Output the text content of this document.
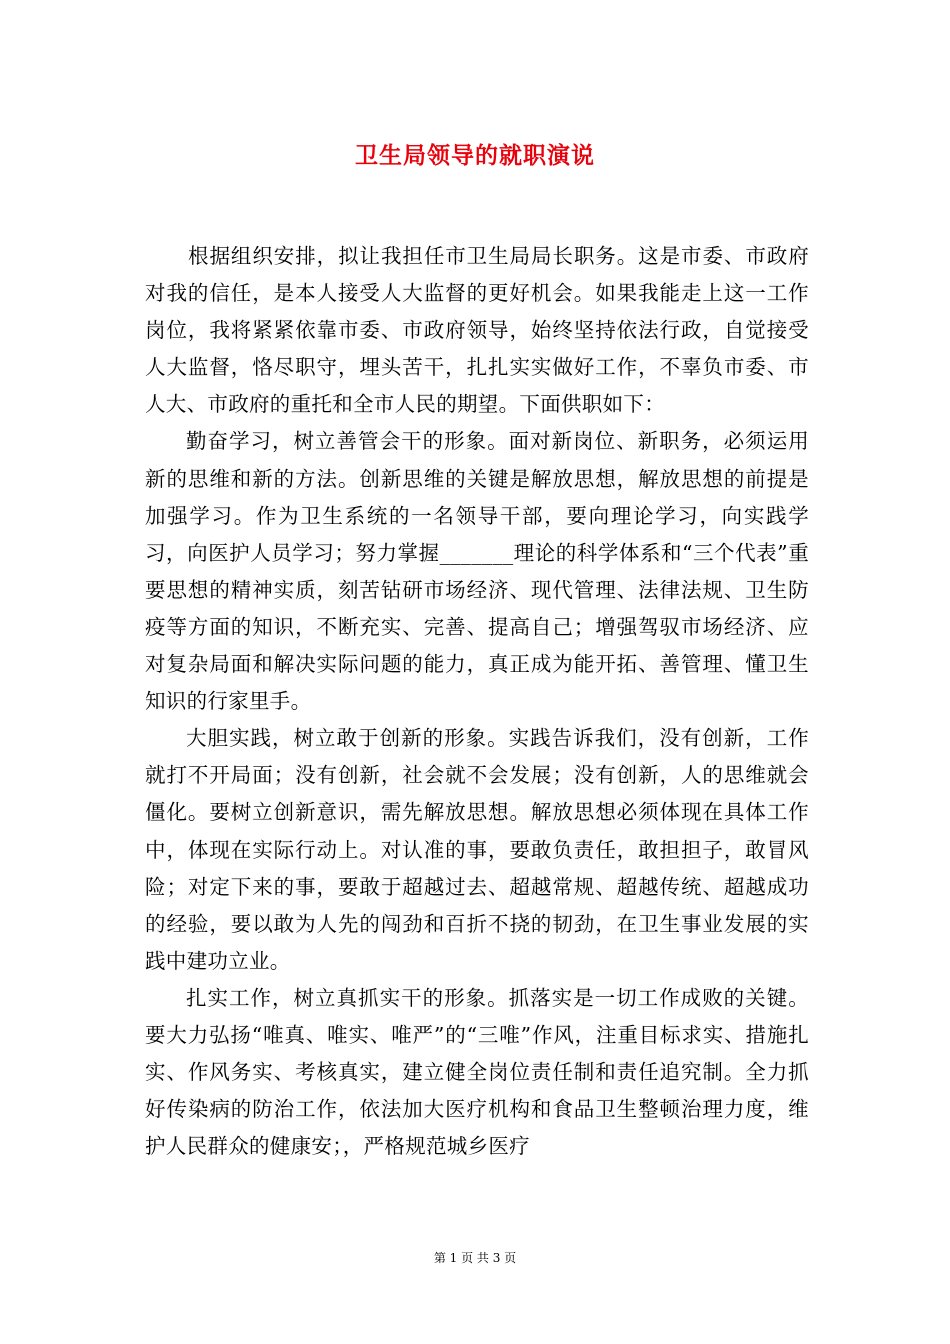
卫生局领导的就职演说

根据组织安排，拟让我担任市卫生局局长职务。这是市委、市政府对我的信任，是本人接受人大监督的更好机会。如果我能走上这一工作岗位，我将紧紧依靠市委、市政府领导，始终坚持依法行政，自觉接受人大监督，恪尽职守，埋头苦干，扎扎实实做好工作，不辜负市委、市人大、市政府的重托和全市人民的期望。下面供职如下：

勤奋学习，树立善管会干的形象。面对新岗位、新职务，必须运用新的思维和新的方法。创新思维的关键是解放思想，解放思想的前提是加强学习。作为卫生系统的一名领导干部，要向理论学习，向实践学习，向医护人员学习；努力掌握_______理论的科学体系和“三个代表”重要思想的精神实质，刻苦钻研市场经济、现代管理、法律法规、卫生防疫等方面的知识，不断充实、完善、提高自己；增强驾驭市场经济、应对复杂局面和解决实际问题的能力，真正成为能开拓、善管理、懂卫生知识的行家里手。

大胆实践，树立敢于创新的形象。实践告诉我们，没有创新，工作就打不开局面；没有创新，社会就不会发展；没有创新，人的思维就会僵化。要树立创新意识，需先解放思想。解放思想必须体现在具体工作中，体现在实际行动上。对认准的事，要敢负责任，敢担担子，敢冒风险；对定下来的事，要敢于超越过去、超越常规、超越传统、超越成功的经验，要以敢为人先的闯劲和百折不挠的韧劲，在卫生事业发展的实践中建功立业。

扎实工作，树立真抓实干的形象。抓落实是一切工作成败的关键。要大力弘扬“唯真、唯实、唯严”的“三唯”作风，注重目标求实、措施扎实、作风务实、考核真实，建立健全岗位责任制和责任追究制。全力抓好传染病的防治工作，依法加大医疗机构和食品卫生整顿治理力度，维护人民群众的健康安；，严格规范城乡医疗

第 1 页 共 3 页
